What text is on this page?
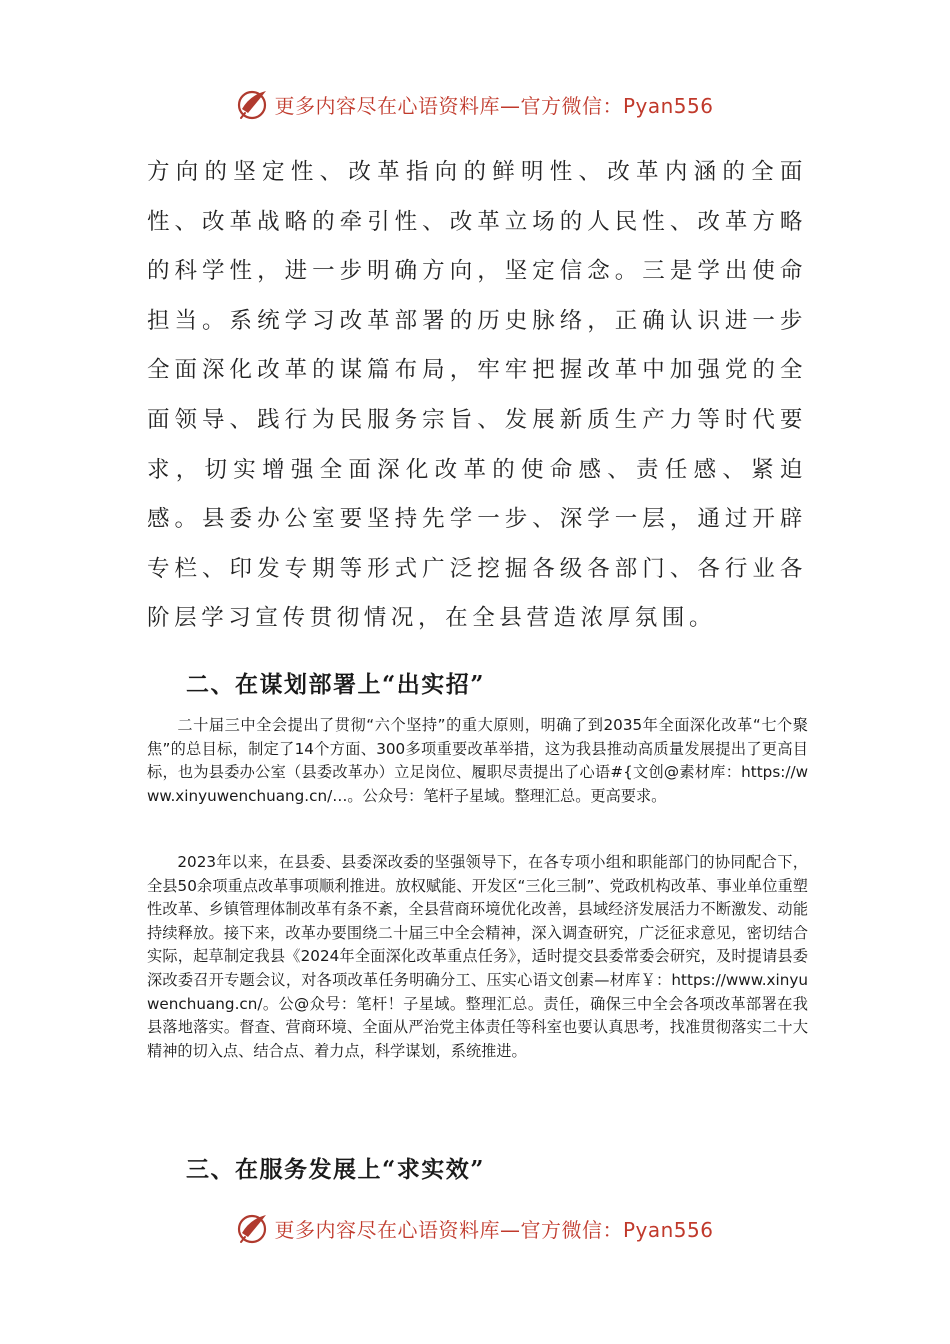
更多内容尽在心语资料库—官方微信：Pyan556

方向的坚定性、改革指向的鲜明性、改革内涵的全面性、改革战略的牵引性、改革立场的人民性、改革方略的科学性，进一步明确方向，坚定信念。三是学出使命担当。系统学习改革部署的历史脉络，正确认识进一步全面深化改革的谋篇布局，牢牢把握改革中加强党的全面领导、践行为民服务宗旨、发展新质生产力等时代要求，切实增强全面深化改革的使命感、责任感、紧迫感。县委办公室要坚持先学一步、深学一层，通过开辟专栏、印发专期等形式广泛挖掘各级各部门、各行业各阶层学习宣传贯彻情况，在全县营造浓厚氛围。

二、在谋划部署上“出实招”

二十届三中全会提出了贯彻“六个坚持”的重大原则，明确了到2035年全面深化改革“七个聚焦”的总目标，制定了14个方面、300多项重要改革举措，这为我县推动高质量发展提出了更高目标，也为县委办公室（县委改革办）立足岗位、履职尽责提出了心语#{文创@素材库：https://www.xinyuwenchuang.cn/…。公众号：笔杆子星域。整理汇总。更高要求。

2023年以来，在县委、县委深改委的坚强领导下，在各专项小组和职能部门的协同配合下，全县50余项重点改革事项顺利推进。放权赋能、开发区“三化三制”、党政机构改革、事业单位重塑性改革、乡镇管理体制改革有条不紊，全县营商环境优化改善，县域经济发展活力不断激发、动能持续释放。接下来，改革办要围绕二十届三中全会精神，深入调查研究，广泛征求意见，密切结合实际，起草制定我县《2024年全面深化改革重点任务》，适时提交县委常委会研究，及时提请县委深改委召开专题会议，对各项改革任务明确分工、压实心语文创素—材库￥：https://www.xinyuwenchuang.cn/。公@众号：笔杆！子星域。整理汇总。责任，确保三中全会各项改革部署在我县落地落实。督查、营商环境、全面从严治党主体责任等科室也要认真思考，找准贯彻落实二十大精神的切入点、结合点、着力点，科学谋划，系统推进。

三、在服务发展上“求实效”
更多内容尽在心语资料库—官方微信：Pyan556
